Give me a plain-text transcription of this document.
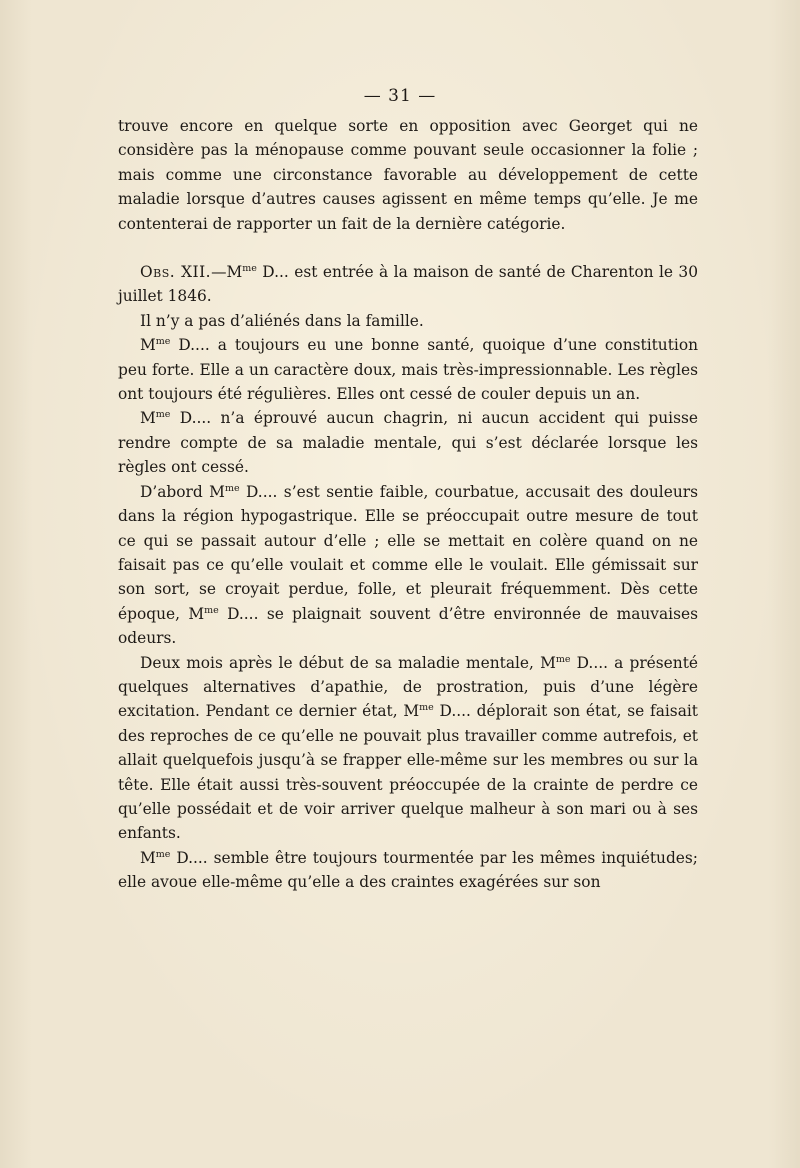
— 31 —

trouve encore en quelque sorte en opposition avec Georget qui ne considère pas la ménopause comme pouvant seule occasionner la folie ; mais comme une circonstance favorable au développement de cette maladie lorsque d’autres causes agissent en même temps qu’elle. Je me contenterai de rapporter un fait de la dernière catégorie.

Obs. $XII.—M^{me}$ D... est entrée à la maison de santé de Charenton le 30 juillet 1846.

Il n’y a pas d’aliénés dans la famille.

$M^{me}$ D.... a toujours eu une bonne santé, quoique d’une constitution peu forte. Elle a un caractère doux, mais très-impressionnable. Les règles ont toujours été régulières. Elles ont cessé de couler depuis un an.

$M^{me}$ D.... n’a éprouvé aucun chagrin, ni aucun accident qui puisse rendre compte de sa maladie mentale, qui s’est déclarée lorsque les règles ont cessé.

D’abord $M^{me}$ D.... s’est sentie faible, courbatue, accusait des douleurs dans la région hypogastrique. Elle se préoccupait outre mesure de tout ce qui se passait autour d’elle ; elle se mettait en colère quand on ne faisait pas ce qu’elle voulait et comme elle le voulait. Elle gémissait sur son sort, se croyait perdue, folle, et pleurait fréquemment. Dès cette époque, $M^{me}$ D.... se plaignait souvent d’être environnée de mauvaises odeurs.

Deux mois après le début de sa maladie mentale, $M^{me}$ D.... a présenté quelques alternatives d’apathie, de prostration, puis d’une légère excitation. Pendant ce dernier état, $M^{me}$ D.... déplorait son état, se faisait des reproches de ce qu’elle ne pouvait plus travailler comme autrefois, et allait quelquefois jusqu’à se frapper elle-même sur les membres ou sur la tête. Elle était aussi très-souvent préoccupée de la crainte de perdre ce qu’elle possédait et de voir arriver quelque malheur à son mari ou à ses enfants.

$M^{me}$ D.... semble être toujours tourmentée par les mêmes inquiétudes; elle avoue elle-même qu’elle a des craintes exagérées sur son
